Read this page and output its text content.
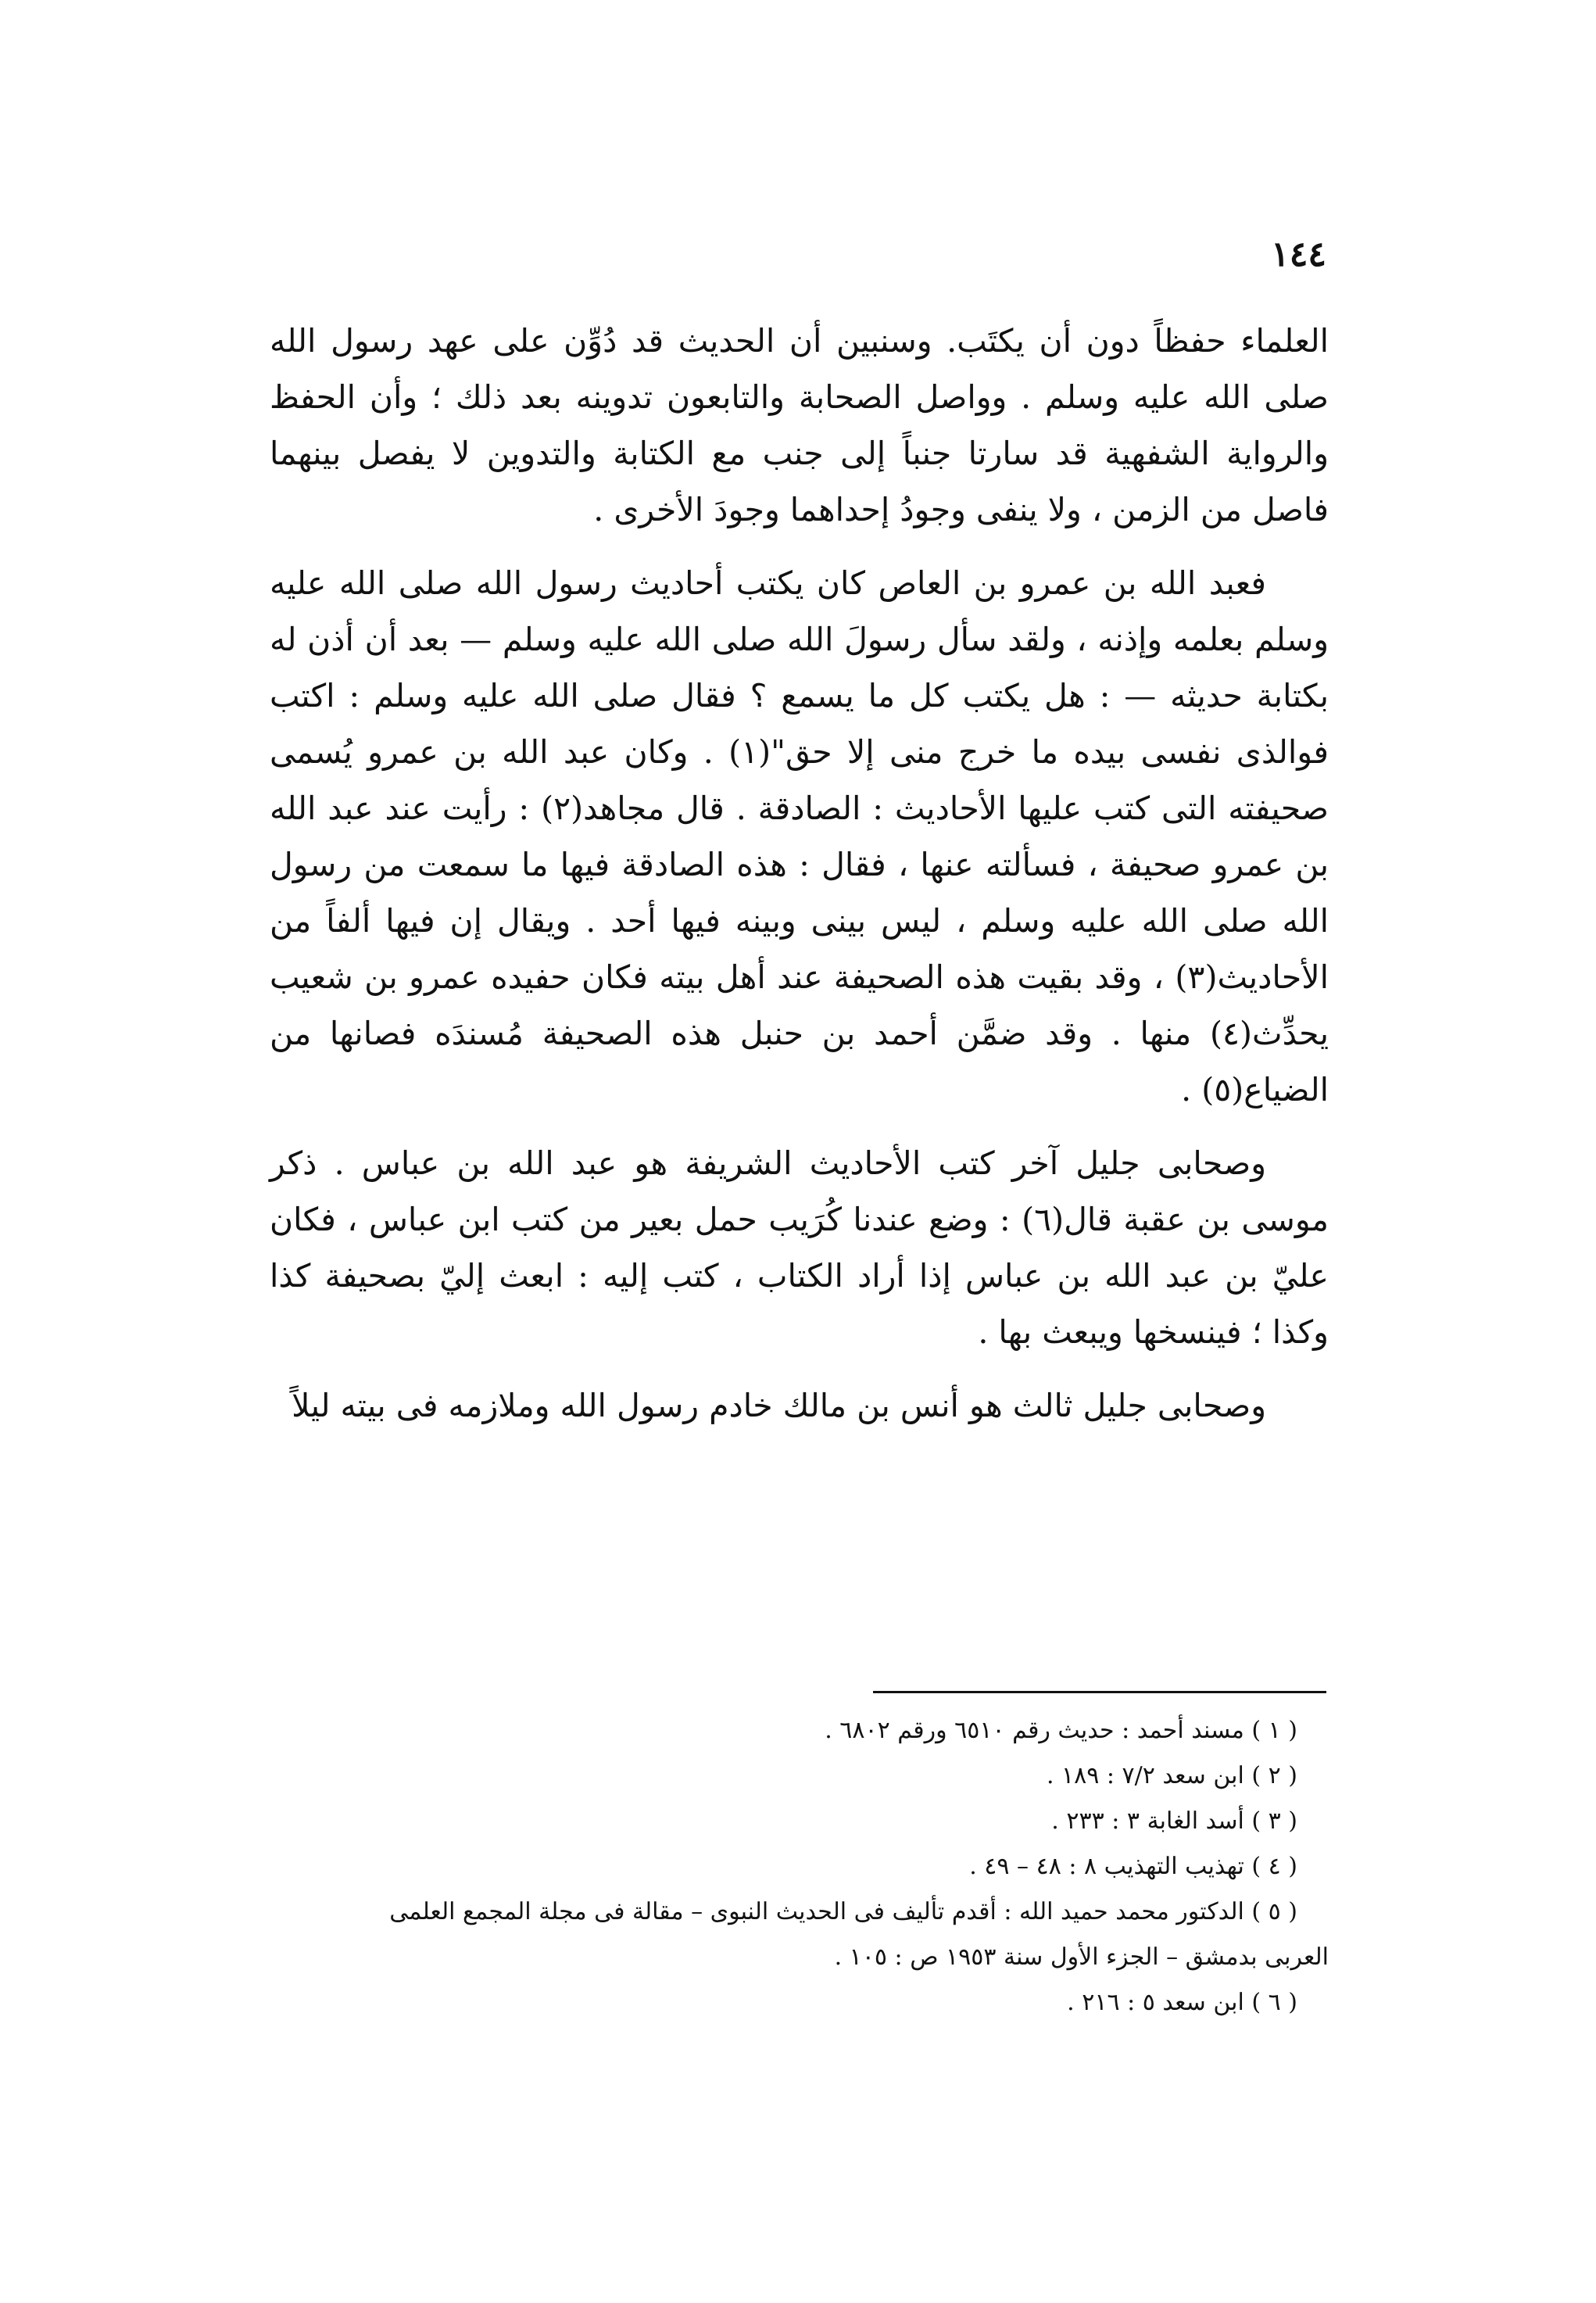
١٤٤

العلماء حفظاً دون أن يكتَب. وسنبين أن الحديث قد دُوِّن على عهد رسول الله صلى الله عليه وسلم . وواصل الصحابة والتابعون تدوينه بعد ذلك ؛ وأن الحفظ والرواية الشفهية قد سارتا جنباً إلى جنب مع الكتابة والتدوين لا يفصل بينهما فاصل من الزمن ، ولا ينفى وجودُ إحداهما وجودَ الأخرى .

فعبد الله بن عمرو بن العاص كان يكتب أحاديث رسول الله صلى الله عليه وسلم بعلمه وإذنه ، ولقد سأل رسولَ الله صلى الله عليه وسلم — بعد أن أذن له بكتابة حديثه — : هل يكتب كل ما يسمع ؟ فقال صلى الله عليه وسلم : اكتب فوالذى نفسى بيده ما خرج منى إلا حق"(١) . وكان عبد الله بن عمرو يُسمى صحيفته التى كتب عليها الأحاديث : الصادقة . قال مجاهد(٢) : رأيت عند عبد الله بن عمرو صحيفة ، فسألته عنها ، فقال : هذه الصادقة فيها ما سمعت من رسول الله صلى الله عليه وسلم ، ليس بينى وبينه فيها أحد . ويقال إن فيها ألفاً من الأحاديث(٣) ، وقد بقيت هذه الصحيفة عند أهل بيته فكان حفيده عمرو بن شعيب يحدِّث(٤) منها . وقد ضمَّن أحمد بن حنبل هذه الصحيفة مُسندَه فصانها من الضياع(٥) .

وصحابى جليل آخر كتب الأحاديث الشريفة هو عبد الله بن عباس . ذكر موسى بن عقبة قال(٦) : وضع عندنا كُرَيب حمل بعير من كتب ابن عباس ، فكان عليّ بن عبد الله بن عباس إذا أراد الكتاب ، كتب إليه : ابعث إليّ بصحيفة كذا وكذا ؛ فينسخها ويبعث بها .

وصحابى جليل ثالث هو أنس بن مالك خادم رسول الله وملازمه فى بيته ليلاً

( ١ ) مسند أحمد : حديث رقم ٦٥١٠ ورقم ٦٨٠٢ .

( ٢ ) ابن سعد ٧/٢ : ١٨٩ .

( ٣ ) أسد الغابة ٣ : ٢٣٣ .

( ٤ ) تهذيب التهذيب ٨ : ٤٨ – ٤٩ .

( ٥ ) الدكتور محمد حميد الله : أقدم تأليف فى الحديث النبوى – مقالة فى مجلة المجمع العلمى

العربى بدمشق – الجزء الأول سنة ١٩٥٣ ص : ١٠٥ .

( ٦ ) ابن سعد ٥ : ٢١٦ .
